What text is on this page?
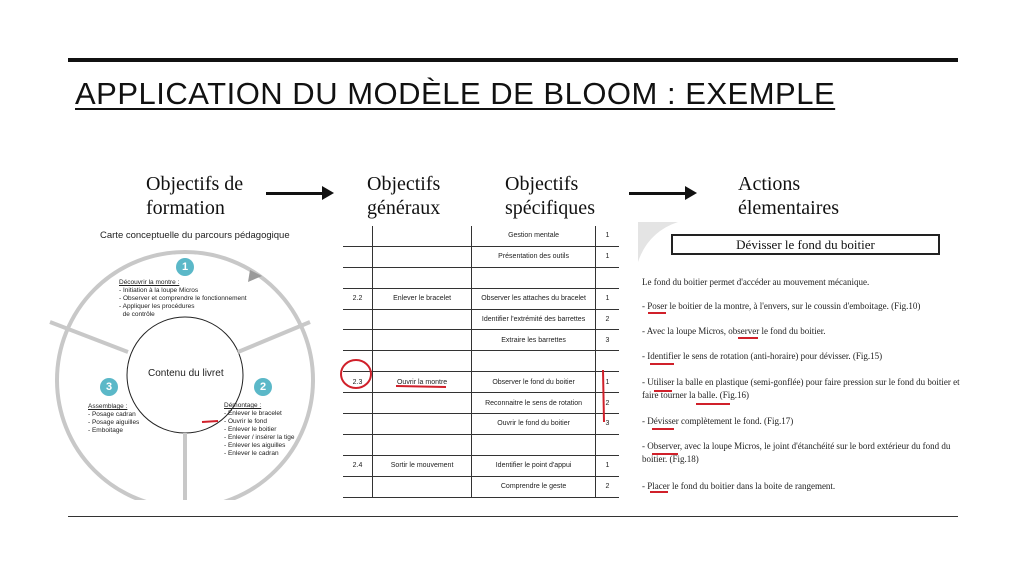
APPLICATION DU MODÈLE DE BLOOM : EXEMPLE
Objectifs de
formation
Objectifs
généraux
Objectifs
spécifiques
Actions
élementaires
Carte conceptuelle du parcours pédagogique
Contenu du livret
1
Découvrir la montre :
- Initiation à la loupe Micros
- Observer et comprendre le fonctionnement
- Appliquer les procédures
de contrôle
2
Démontage :
- Enlever le bracelet
- Ouvrir le fond
- Enlever le boitier
- Enlever / insérer la tige
- Enlever les aiguilles
- Enlever le cadran
3
Assemblage :
- Posage cadran
- Posage aiguilles
- Emboitage
		Gestion mentale	1
		Présentation des outils	1

2.2	Enlever le bracelet	Observer les attaches du bracelet	1
		Identifier l'extrémité des barrettes	2
		Extraire les barrettes	3

2.3	Ouvrir la montre	Observer le fond du boitier	1
		Reconnaitre le sens de rotation	2
		Ouvrir le fond du boitier	3

2.4	Sortir le mouvement	Identifier le point d'appui	1
		Comprendre le geste	2
Dévisser le fond du boitier
Le fond du boitier permet d'accéder au mouvement mécanique.
- Poser le boitier de la montre, à l'envers, sur le coussin d'emboitage. (Fig.10)
- Avec la loupe Micros, observer le fond du boitier.
- Identifier le sens de rotation (anti-horaire) pour dévisser. (Fig.15)
- Utiliser la balle en plastique (semi-gonflée) pour faire pression sur le fond du boitier et faire tourner la balle. (Fig.16)
- Dévisser complètement le fond. (Fig.17)
- Observer, avec la loupe Micros, le joint d'étanchéité sur le bord extérieur du fond du boitier. (Fig.18)
- Placer le fond du boitier dans la boite de rangement.
